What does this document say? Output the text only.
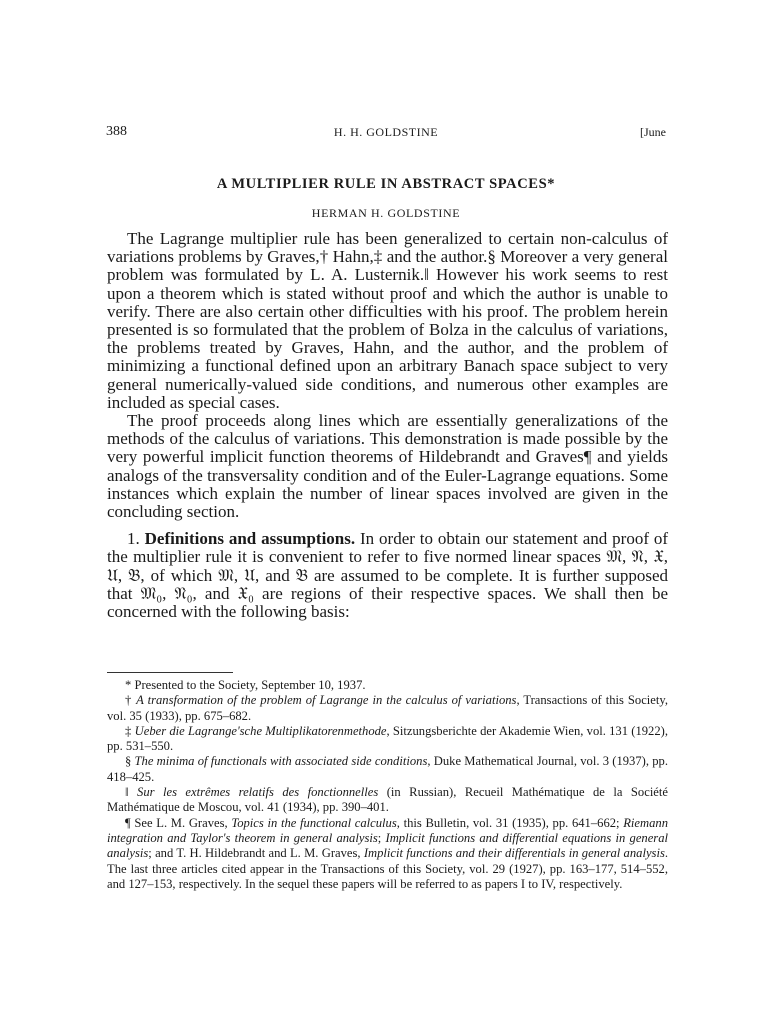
388	H. H. GOLDSTINE	[June
A MULTIPLIER RULE IN ABSTRACT SPACES*
HERMAN H. GOLDSTINE

The Lagrange multiplier rule has been generalized to certain non-calculus of variations problems by Graves,† Hahn,‡ and the author.§ Moreover a very general problem was formulated by L. A. Lusternik.‖ However his work seems to rest upon a theorem which is stated without proof and which the author is unable to verify. There are also certain other difficulties with his proof. The problem herein presented is so formulated that the problem of Bolza in the calculus of variations, the problems treated by Graves, Hahn, and the author, and the problem of minimizing a functional defined upon an arbitrary Banach space subject to very general numerically-valued side conditions, and numerous other examples are included as special cases.

The proof proceeds along lines which are essentially generalizations of the methods of the calculus of variations. This demonstration is made possible by the very powerful implicit function theorems of Hildebrandt and Graves¶ and yields analogs of the transversality condition and of the Euler-Lagrange equations. Some instances which explain the number of linear spaces involved are given in the concluding section.

1. Definitions and assumptions. In order to obtain our statement and proof of the multiplier rule it is convenient to refer to five normed linear spaces 𝔐, 𝔑, 𝔛, 𝔘, 𝔅, of which 𝔐, 𝔘, and 𝔅 are assumed to be complete. It is further supposed that 𝔐₀, 𝔑₀, and 𝔛₀ are regions of their respective spaces. We shall then be concerned with the following basis:

* Presented to the Society, September 10, 1937.

† A transformation of the problem of Lagrange in the calculus of variations, Transactions of this Society, vol. 35 (1933), pp. 675–682.

‡ Ueber die Lagrange'sche Multiplikatorenmethode, Sitzungsberichte der Akademie Wien, vol. 131 (1922), pp. 531–550.

§ The minima of functionals with associated side conditions, Duke Mathematical Journal, vol. 3 (1937), pp. 418–425.

‖ Sur les extrêmes relatifs des fonctionnelles (in Russian), Recueil Mathématique de la Société Mathématique de Moscou, vol. 41 (1934), pp. 390–401.

¶ See L. M. Graves, Topics in the functional calculus, this Bulletin, vol. 31 (1935), pp. 641–662; Riemann integration and Taylor's theorem in general analysis; Implicit functions and differential equations in general analysis; and T. H. Hildebrandt and L. M. Graves, Implicit functions and their differentials in general analysis. The last three articles cited appear in the Transactions of this Society, vol. 29 (1927), pp. 163–177, 514–552, and 127–153, respectively. In the sequel these papers will be referred to as papers I to IV, respectively.
